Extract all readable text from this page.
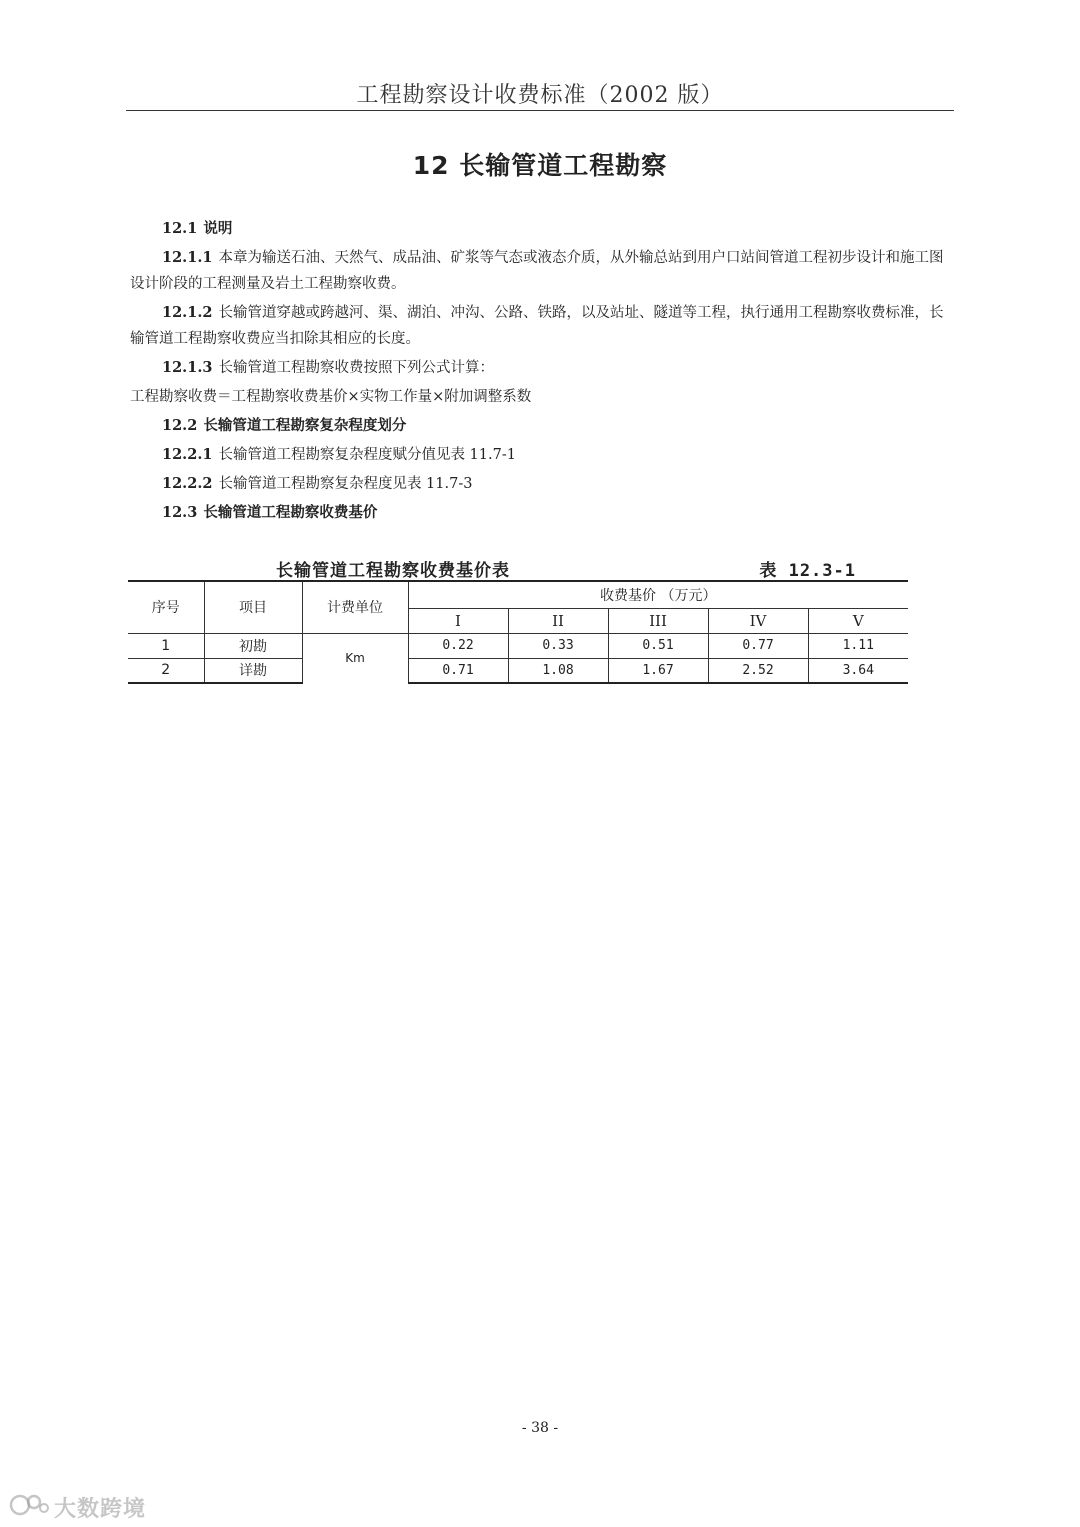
工程勘察设计收费标准（2002 版）
12 长输管道工程勘察

12.1 说明

12.1.1 本章为输送石油、天然气、成品油、矿浆等气态或液态介质，从外输总站到用户口站间管道工程初步设计和施工图设计阶段的工程测量及岩土工程勘察收费。

12.1.2 长输管道穿越或跨越河、渠、湖泊、冲沟、公路、铁路，以及站址、隧道等工程，执行通用工程勘察收费标准，长输管道工程勘察收费应当扣除其相应的长度。

12.1.3 长输管道工程勘察收费按照下列公式计算：

工程勘察收费＝工程勘察收费基价×实物工作量×附加调整系数

12.2 长输管道工程勘察复杂程度划分

12.2.1 长输管道工程勘察复杂程度赋分值见表 11.7-1

12.2.2 长输管道工程勘察复杂程度见表 11.7-3

12.3 长输管道工程勘察收费基价

长输管道工程勘察收费基价表	表 12.3-1
序号	项目	计费单位	收费基价 （万元）				
			I	II	III	IV	V
1	初勘	Km	0.22	0.33	0.51	0.77	1.11
2	详勘		0.71	1.08	1.67	2.52	3.64
- 38 -
大数跨境
